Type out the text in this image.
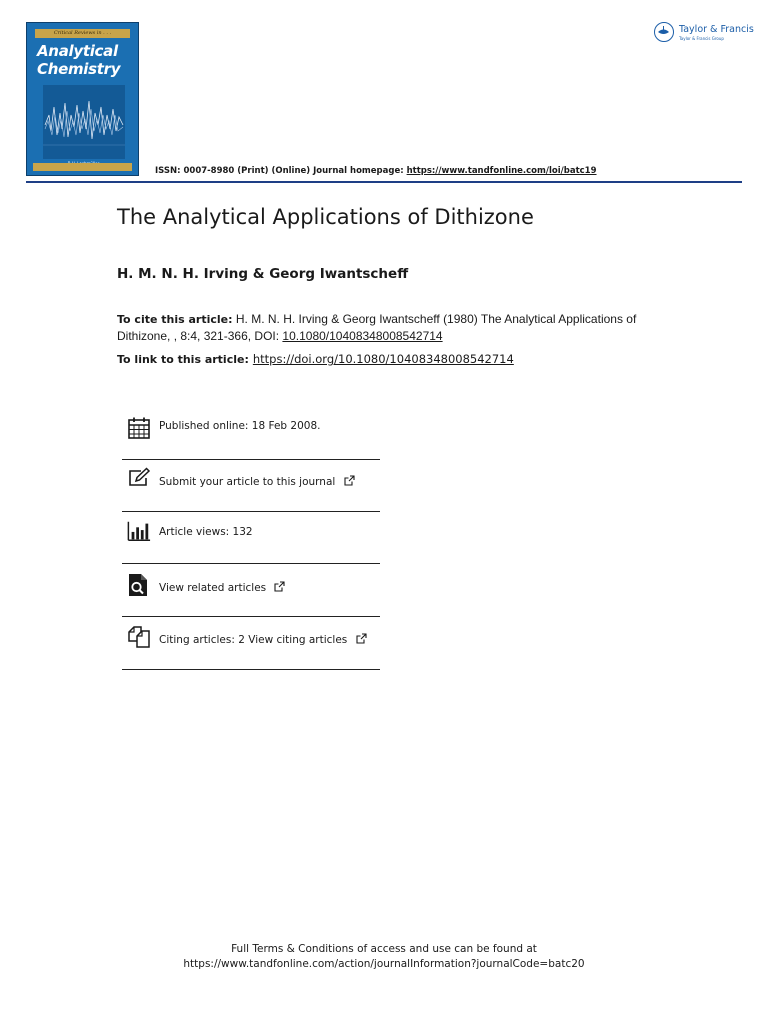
Critical Reviews in . . .
Analytical
Chemistry
Taylor & Francis
Taylor & Francis Group
ISSN: 0007-8980 (Print) (Online) Journal homepage: https://www.tandfonline.com/loi/batc19
The Analytical Applications of Dithizone
H. M. N. H. Irving & Georg Iwantscheff
To cite this article: H. M. N. H. Irving & Georg Iwantscheff (1980) The Analytical Applications of Dithizone, , 8:4, 321-366, DOI: 10.1080/10408348008542714
To link to this article: https://doi.org/10.1080/10408348008542714
Published online: 18 Feb 2008.
Submit your article to this journal
Article views: 132
View related articles
Citing articles: 2 View citing articles
Full Terms & Conditions of access and use can be found at
https://www.tandfonline.com/action/journalInformation?journalCode=batc20
